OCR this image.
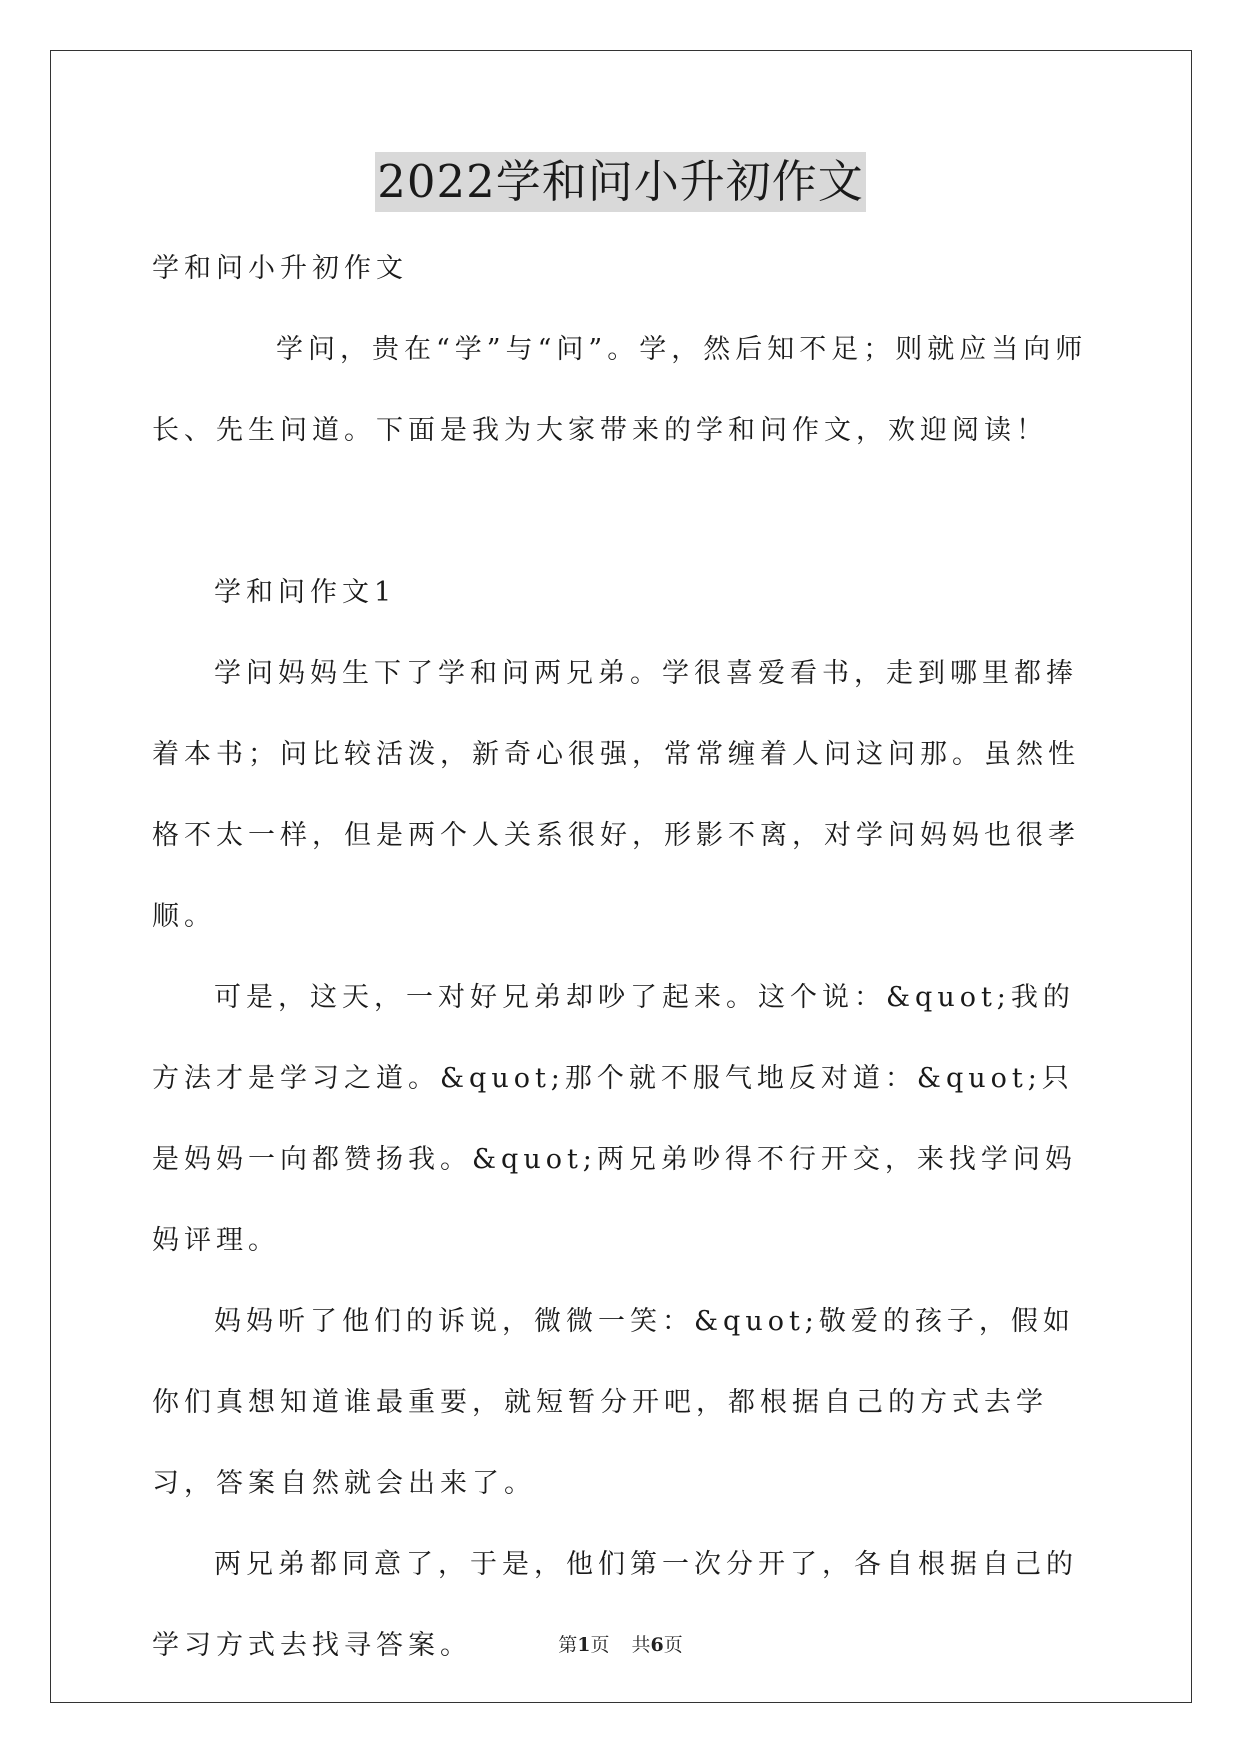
2022学和问小升初作文

学和问小升初作文

学问，贵在“学”与“问”。学，然后知不足；则就应当向师长、先生问道。下面是我为大家带来的学和问作文，欢迎阅读！

学和问作文1

学问妈妈生下了学和问两兄弟。学很喜爱看书，走到哪里都捧着本书；问比较活泼，新奇心很强，常常缠着人问这问那。虽然性格不太一样，但是两个人关系很好，形影不离，对学问妈妈也很孝顺。

可是，这天，一对好兄弟却吵了起来。这个说：&quot;我的方法才是学习之道。&quot;那个就不服气地反对道：&quot;只是妈妈一向都赞扬我。&quot;两兄弟吵得不行开交，来找学问妈妈评理。

妈妈听了他们的诉说，微微一笑：&quot;敬爱的孩子，假如你们真想知道谁最重要，就短暂分开吧，都根据自己的方式去学习，答案自然就会出来了。

两兄弟都同意了，于是，他们第一次分开了，各自根据自己的学习方式去找寻答案。	第1页 共6页
